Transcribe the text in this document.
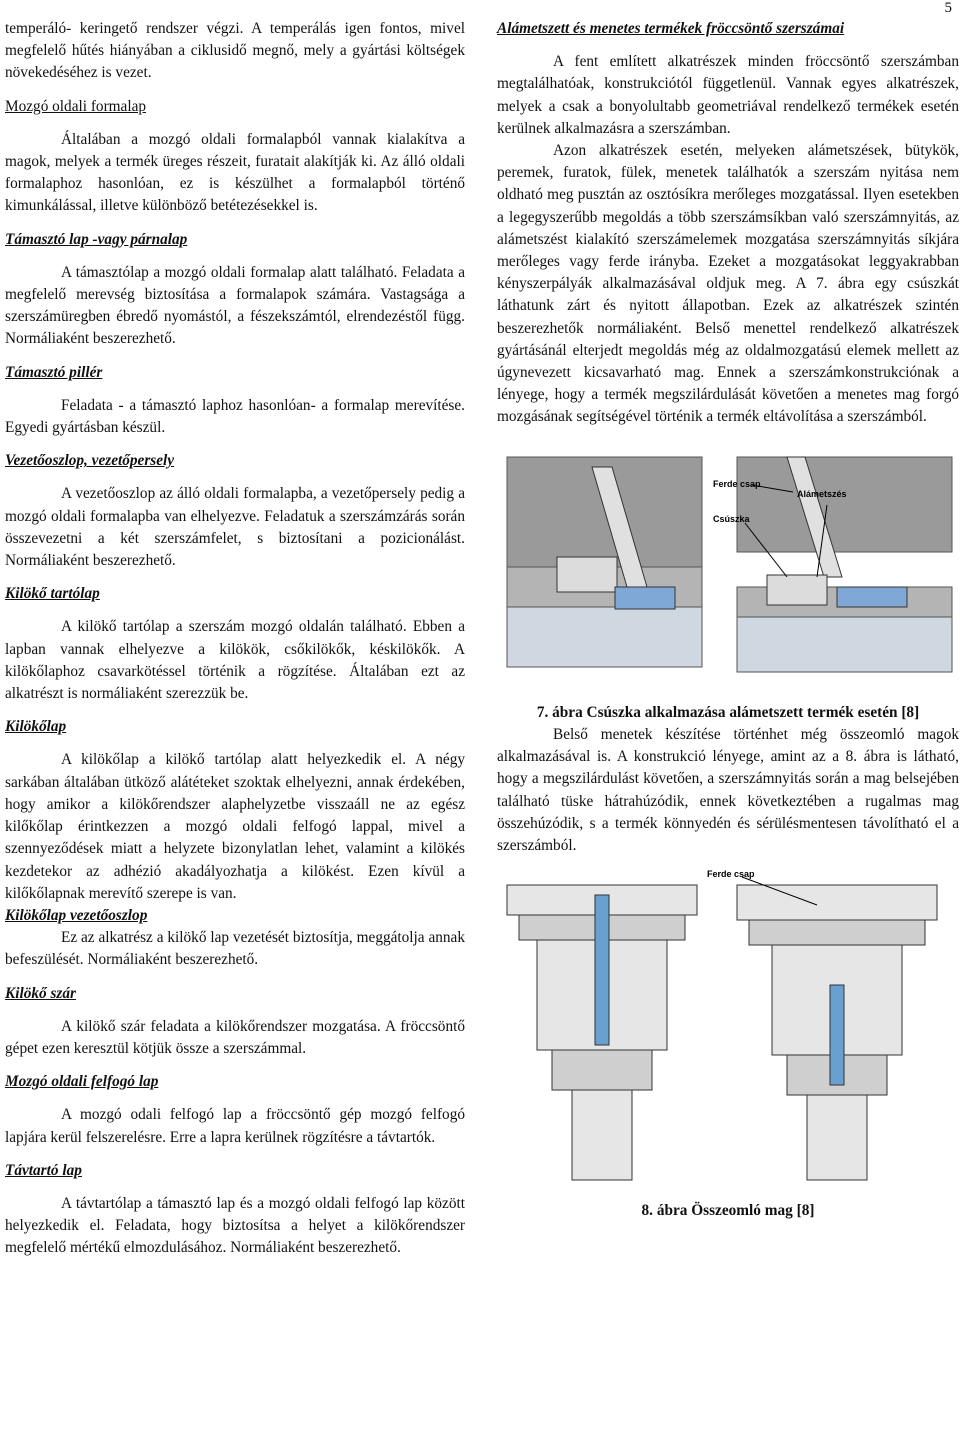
5

temperáló- keringető rendszer végzi. A temperálás igen fontos, mivel megfelelő hűtés hiányában a ciklusidő megnő, mely a gyártási költségek növekedéséhez is vezet.

Mozgó oldali formalap

Általában a mozgó oldali formalapból vannak kialakítva a magok, melyek a termék üreges részeit, furatait alakítják ki. Az álló oldali formalaphoz hasonlóan, ez is készülhet a formalapból történő kimunkálással, illetve különböző betétezésekkel is.

Támasztó lap -vagy párnalap

A támasztólap a mozgó oldali formalap alatt található. Feladata a megfelelő merevség biztosítása a formalapok számára. Vastagsága a szerszámüregben ébredő nyomástól, a fészekszámtól, elrendezéstől függ. Normáliaként beszerezhető.

Támasztó pillér

Feladata - a támasztó laphoz hasonlóan- a formalap merevítése. Egyedi gyártásban készül.

Vezetőoszlop, vezetőpersely

A vezetőoszlop az álló oldali formalapba, a vezetőpersely pedig a mozgó oldali formalapba van elhelyezve. Feladatuk a szerszámzárás során összevezetni a két szerszámfelet, s biztosítani a pozicionálást. Normáliaként beszerezhető.

Kilökő tartólap

A kilökő tartólap a szerszám mozgó oldalán található. Ebben a lapban vannak elhelyezve a kilökök, csőkilökők, késkilökők. A kilökőlaphoz csavarkötéssel történik a rögzítése. Általában ezt az alkatrészt is normáliaként szerezzük be.

Kilökőlap

A kilökőlap a kilökő tartólap alatt helyezkedik el. A négy sarkában általában ütköző alátéteket szoktak elhelyezni, annak érdekében, hogy amikor a kilökőrendszer alaphelyzetbe visszaáll ne az egész kilőkőlap érintkezzen a mozgó oldali felfogó lappal, mivel a szennyeződések miatt a helyzete bizonylatlan lehet, valamint a kilökés kezdetekor az adhézió akadályozhatja a kilökést. Ezen kívül a kilőkőlapnak merevítő szerepe is van.

Kilökőlap vezetőoszlop

Ez az alkatrész a kilökő lap vezetését biztosítja, meggátolja annak befeszülését. Normáliaként beszerezhető.

Kilökő szár

A kilökő szár feladata a kilökőrendszer mozgatása. A fröccsöntő gépet ezen keresztül kötjük össze a szerszámmal.

Mozgó oldali felfogó lap

A mozgó odali felfogó lap a fröccsöntő gép mozgó felfogó lapjára kerül felszerelésre. Erre a lapra kerülnek rögzítésre a távtartók.

Távtartó lap

A távtartólap a támasztó lap és a mozgó oldali felfogó lap között helyezkedik el. Feladata, hogy biztosítsa a helyet a kilökőrendszer megfelelő mértékű elmozdulásához. Normáliaként beszerezhető.

Alámetszett és menetes termékek fröccsöntő szerszámai

A fent említett alkatrészek minden fröccsöntő szerszámban megtalálhatóak, konstrukciótól függetlenül. Vannak egyes alkatrészek, melyek a csak a bonyolultabb geometriával rendelkező termékek esetén kerülnek alkalmazásra a szerszámban.

Azon alkatrészek esetén, melyeken alámetszések, bütykök, peremek, furatok, fülek, menetek találhatók a szerszám nyitása nem oldható meg pusztán az osztósíkra merőleges mozgatással. Ilyen esetekben a legegyszerűbb megoldás a több szerszámsíkban való szerszámnyitás, az alámetszést kialakító szerszámelemek mozgatása szerszámnyitás síkjára merőleges vagy ferde irányba. Ezeket a mozgatásokat leggyakrabban kényszerpályák alkalmazásával oldjuk meg. A 7. ábra egy csúszkát láthatunk zárt és nyitott állapotban. Ezek az alkatrészek szintén beszerezhetők normáliaként. Belső menettel rendelkező alkatrészek gyártásánál elterjedt megoldás még az oldalmozgatású elemek mellett az úgynevezett kicsavarható mag. Ennek a szerszámkonstrukciónak a lényege, hogy a termék megszilárdulását követően a menetes mag forgó mozgásának segítségével történik a termék eltávolítása a szerszámból.

Ferde csap
Alámetszés
Csúszka

7. ábra Csúszka alkalmazása alámetszett termék esetén [8]

Belső menetek készítése történhet még összeomló magok alkalmazásával is. A konstrukció lényege, amint az a 8. ábra is látható, hogy a megszilárdulást követően, a szerszámnyitás során a mag belsejében található tüske hátrahúzódik, ennek következtében a rugalmas mag összehúzódik, s a termék könnyedén és sérülésmentesen távolítható el a szerszámból.

Ferde csap

8. ábra Összeomló mag [8]
